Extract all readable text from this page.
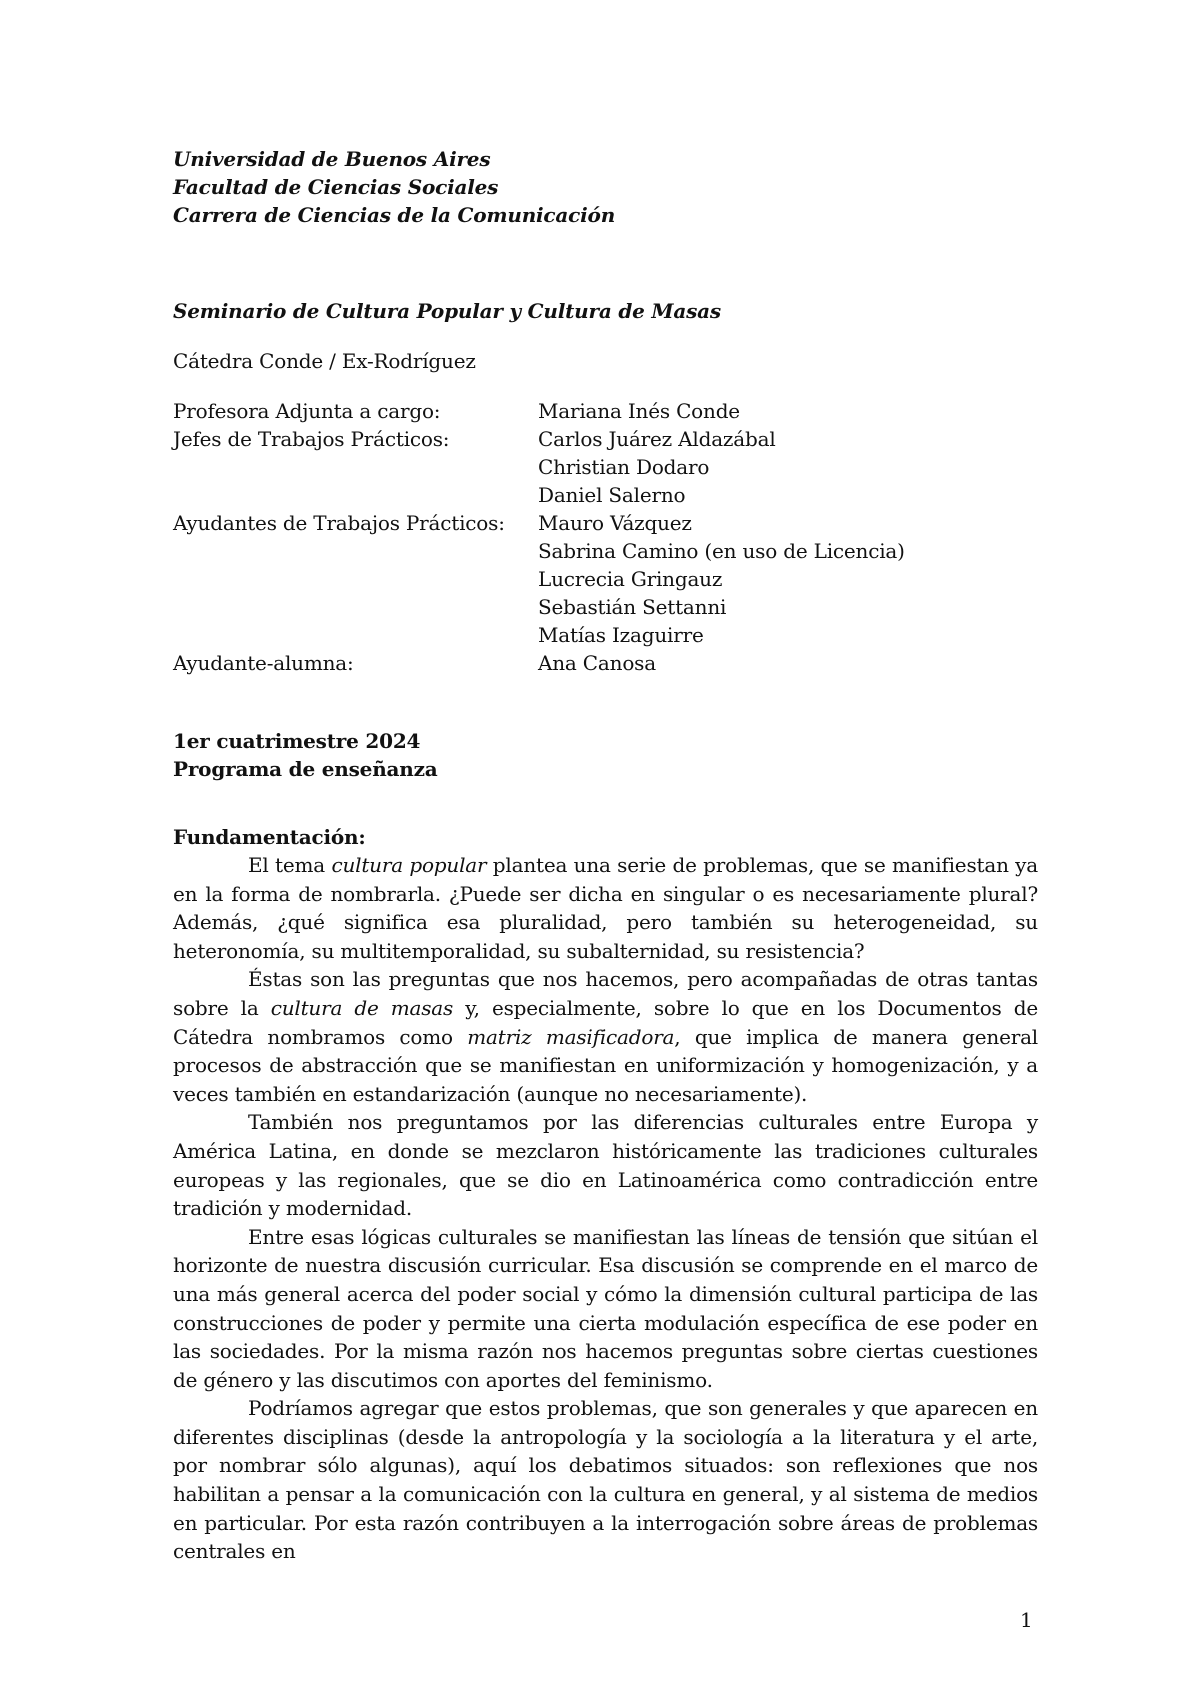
Universidad de Buenos Aires

Facultad de Ciencias Sociales

Carrera de Ciencias de la Comunicación

Seminario de Cultura Popular y Cultura de Masas

Cátedra Conde / Ex-Rodríguez

Profesora Adjunta a cargo:	Mariana Inés Conde
Jefes de Trabajos Prácticos:	Carlos Juárez Aldazábal
Christian Dodaro
Daniel Salerno
Ayudantes de Trabajos Prácticos:	Mauro Vázquez
Sabrina Camino (en uso de Licencia)
Lucrecia Gringauz
Sebastián Settanni
Matías Izaguirre
Ayudante-alumna:	Ana Canosa

1er cuatrimestre 2024

Programa de enseñanza

Fundamentación:

El tema cultura popular plantea una serie de problemas, que se manifiestan ya en la forma de nombrarla. ¿Puede ser dicha en singular o es necesariamente plural? Además, ¿qué significa esa pluralidad, pero también su heterogeneidad, su heteronomía, su multitemporalidad, su subalternidad, su resistencia?

Éstas son las preguntas que nos hacemos, pero acompañadas de otras tantas sobre la cultura de masas y, especialmente, sobre lo que en los Documentos de Cátedra nombramos como matriz masificadora, que implica de manera general procesos de abstracción que se manifiestan en uniformización y homogenización, y a veces también en estandarización (aunque no necesariamente).

También nos preguntamos por las diferencias culturales entre Europa y América Latina, en donde se mezclaron históricamente las tradiciones culturales europeas y las regionales, que se dio en Latinoamérica como contradicción entre tradición y modernidad.

Entre esas lógicas culturales se manifiestan las líneas de tensión que sitúan el horizonte de nuestra discusión curricular. Esa discusión se comprende en el marco de una más general acerca del poder social y cómo la dimensión cultural participa de las construcciones de poder y permite una cierta modulación específica de ese poder en las sociedades. Por la misma razón nos hacemos preguntas sobre ciertas cuestiones de género y las discutimos con aportes del feminismo.

Podríamos agregar que estos problemas, que son generales y que aparecen en diferentes disciplinas (desde la antropología y la sociología a la literatura y el arte, por nombrar sólo algunas), aquí los debatimos situados: son reflexiones que nos habilitan a pensar a la comunicación con la cultura en general, y al sistema de medios en particular. Por esta razón contribuyen a la interrogación sobre áreas de problemas centrales en

1
